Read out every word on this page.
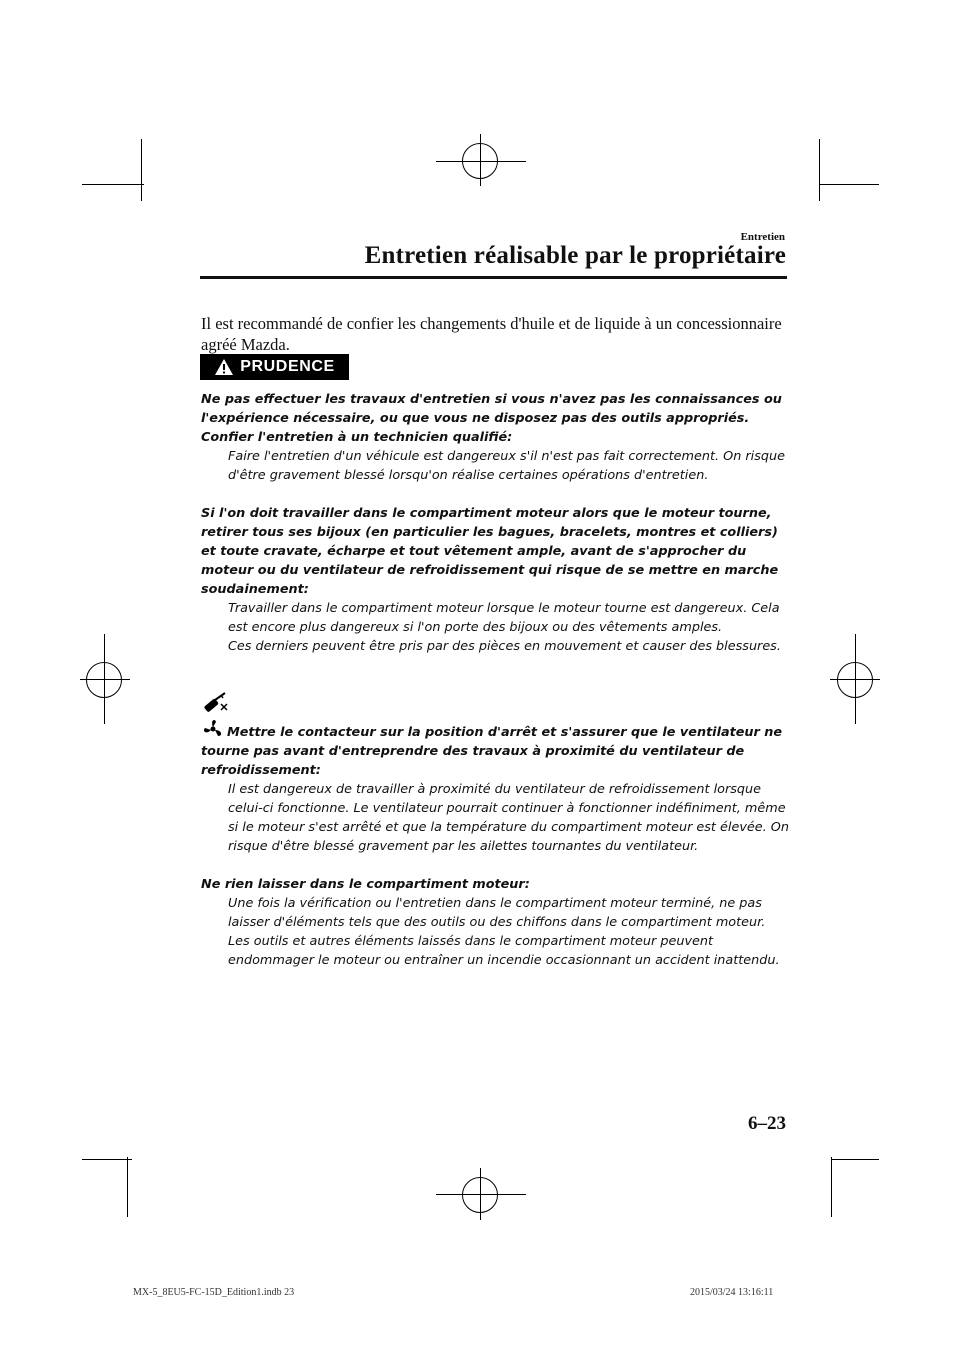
Entretien
Entretien réalisable par le propriétaire
Il est recommandé de confier les changements d'huile et de liquide à un concessionnaire agréé Mazda.
PRUDENCE
Ne pas effectuer les travaux d'entretien si vous n'avez pas les connaissances ou l'expérience nécessaire, ou que vous ne disposez pas des outils appropriés. Confier l'entretien à un technicien qualifié:
Faire l'entretien d'un véhicule est dangereux s'il n'est pas fait correctement. On risque d'être gravement blessé lorsqu'on réalise certaines opérations d'entretien.
Si l'on doit travailler dans le compartiment moteur alors que le moteur tourne, retirer tous ses bijoux (en particulier les bagues, bracelets, montres et colliers) et toute cravate, écharpe et tout vêtement ample, avant de s'approcher du moteur ou du ventilateur de refroidissement qui risque de se mettre en marche soudainement:
Travailler dans le compartiment moteur lorsque le moteur tourne est dangereux. Cela est encore plus dangereux si l'on porte des bijoux ou des vêtements amples.
Ces derniers peuvent être pris par des pièces en mouvement et causer des blessures.
Mettre le contacteur sur la position d'arrêt et s'assurer que le ventilateur ne tourne pas avant d'entreprendre des travaux à proximité du ventilateur de refroidissement:
Il est dangereux de travailler à proximité du ventilateur de refroidissement lorsque celui-ci fonctionne. Le ventilateur pourrait continuer à fonctionner indéfiniment, même si le moteur s'est arrêté et que la température du compartiment moteur est élevée. On risque d'être blessé gravement par les ailettes tournantes du ventilateur.
Ne rien laisser dans le compartiment moteur:
Une fois la vérification ou l'entretien dans le compartiment moteur terminé, ne pas laisser d'éléments tels que des outils ou des chiffons dans le compartiment moteur.
Les outils et autres éléments laissés dans le compartiment moteur peuvent endommager le moteur ou entraîner un incendie occasionnant un accident inattendu.
6–23
MX-5_8EU5-FC-15D_Edition1.indb 23	2015/03/24 13:16:11
